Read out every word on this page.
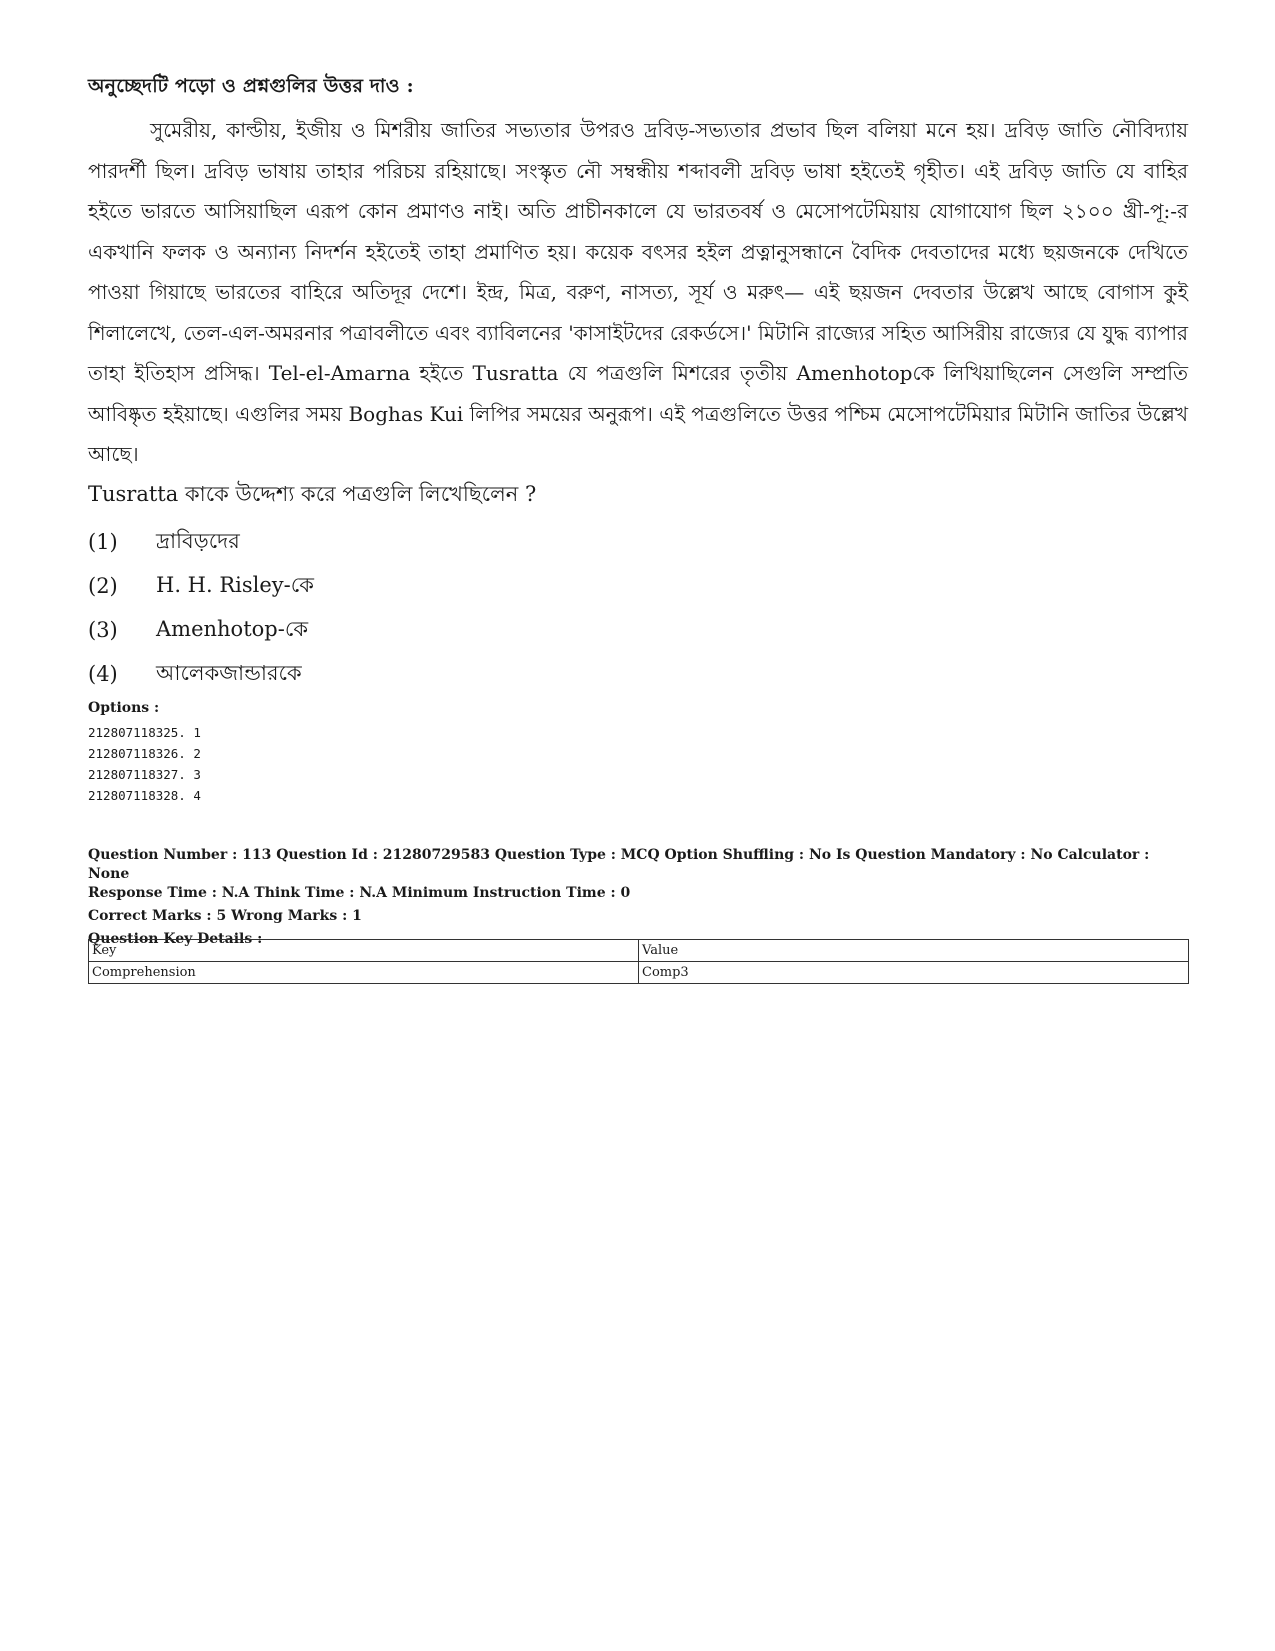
অনুচ্ছেদটি পড়ো ও প্রশ্নগুলির উত্তর দাও :

সুমেরীয়, কাল্ডীয়, ইজীয় ও মিশরীয় জাতির সভ্যতার উপরও দ্রবিড়-সভ্যতার প্রভাব ছিল বলিয়া মনে হয়। দ্রবিড় জাতি নৌবিদ্যায় পারদর্শী ছিল। দ্রবিড় ভাষায় তাহার পরিচয় রহিয়াছে। সংস্কৃত নৌ সম্বন্ধীয় শব্দাবলী দ্রবিড় ভাষা হইতেই গৃহীত। এই দ্রবিড় জাতি যে বাহির হইতে ভারতে আসিয়াছিল এরূপ কোন প্রমাণও নাই। অতি প্রাচীনকালে যে ভারতবর্ষ ও মেসোপটেমিয়ায় যোগাযোগ ছিল ২১০০ খ্রী-পূ:-র একখানি ফলক ও অন্যান্য নিদর্শন হইতেই তাহা প্রমাণিত হয়। কয়েক বৎসর হইল প্রত্নানুসন্ধানে বৈদিক দেবতাদের মধ্যে ছয়জনকে দেখিতে পাওয়া গিয়াছে ভারতের বাহিরে অতিদূর দেশে। ইন্দ্র, মিত্র, বরুণ, নাসত্য, সূর্য ও মরুৎ— এই ছয়জন দেবতার উল্লেখ আছে বোগাস কুই শিলালেখে, তেল-এল-অমরনার পত্রাবলীতে এবং ব্যাবিলনের 'কাসাইটদের রেকর্ডসে।' মিটানি রাজ্যের সহিত আসিরীয় রাজ্যের যে যুদ্ধ ব্যাপার তাহা ইতিহাস প্রসিদ্ধ। Tel-el-Amarna হইতে Tusratta যে পত্রগুলি মিশরের তৃতীয় Amenhotopকে লিখিয়াছিলেন সেগুলি সম্প্রতি আবিষ্কৃত হইয়াছে। এগুলির সময় Boghas Kui লিপির সময়ের অনুরূপ। এই পত্রগুলিতে উত্তর পশ্চিম মেসোপটেমিয়ার মিটানি জাতির উল্লেখ আছে।

Tusratta কাকে উদ্দেশ্য করে পত্রগুলি লিখেছিলেন ?
(1)	দ্রাবিড়দের
(2)	H. H. Risley-কে
(3)	Amenhotop-কে
(4)	আলেকজান্ডারকে
Options :
212807118325. 1
212807118326. 2
212807118327. 3
212807118328. 4
Question Number : 113 Question Id : 21280729583 Question Type : MCQ Option Shuffling : No Is Question Mandatory : No Calculator : None
Response Time : N.A Think Time : N.A Minimum Instruction Time : 0
Correct Marks : 5 Wrong Marks : 1
Question Key Details :
Key	Value
Comprehension	Comp3
